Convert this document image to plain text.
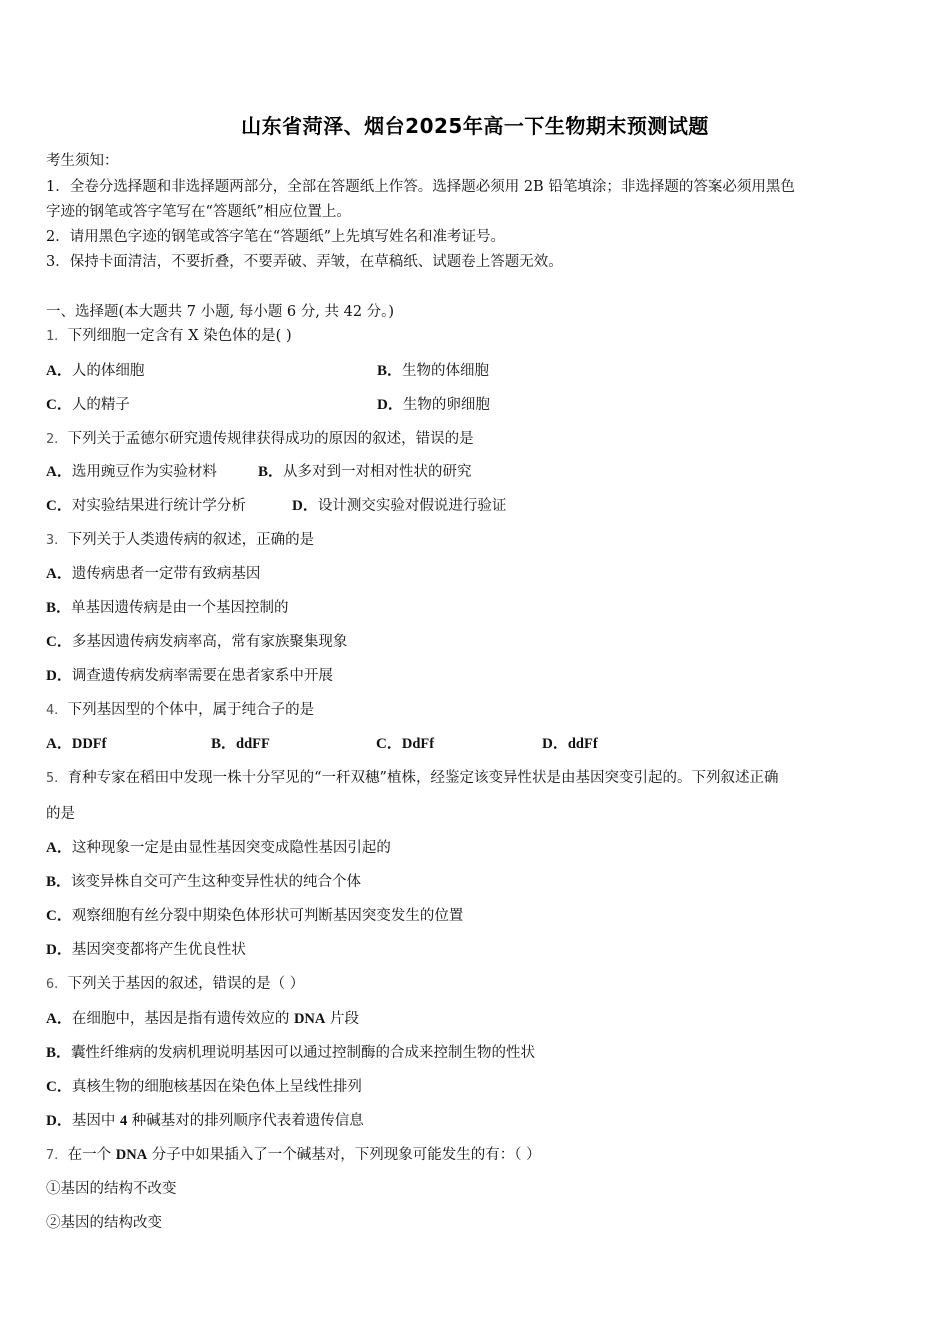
山东省菏泽、烟台2025年高一下生物期末预测试题
考生须知：
1．全卷分选择题和非选择题两部分，全部在答题纸上作答。选择题必须用 2B 铅笔填涂；非选择题的答案必须用黑色
字迹的钢笔或答字笔写在“答题纸”相应位置上。
2．请用黑色字迹的钢笔或答字笔在“答题纸”上先填写姓名和准考证号。
3．保持卡面清洁，不要折叠，不要弄破、弄皱，在草稿纸、试题卷上答题无效。
一、选择题(本大题共 7 小题, 每小题 6 分, 共 42 分。)
1．下列细胞一定含有 X 染色体的是( )
A．人的体细胞	B．生物的体细胞
C．人的精子	D．生物的卵细胞
2．下列关于孟德尔研究遗传规律获得成功的原因的叙述，错误的是
A．选用豌豆作为实验材料	B．从多对到一对相对性状的研究
C．对实验结果进行统计学分析	D．设计测交实验对假说进行验证
3．下列关于人类遗传病的叙述，正确的是
A．遗传病患者一定带有致病基因
B．单基因遗传病是由一个基因控制的
C．多基因遗传病发病率高，常有家族聚集现象
D．调查遗传病发病率需要在患者家系中开展
4．下列基因型的个体中，属于纯合子的是
A．DDFf	B．ddFF	C．DdFf	D．ddFf
5．育种专家在稻田中发现一株十分罕见的“一秆双穗”植株，经鉴定该变异性状是由基因突变引起的。下列叙述正确
的是
A．这种现象一定是由显性基因突变成隐性基因引起的
B．该变异株自交可产生这种变异性状的纯合个体
C．观察细胞有丝分裂中期染色体形状可判断基因突变发生的位置
D．基因突变都将产生优良性状
6．下列关于基因的叙述，错误的是（ ）
A．在细胞中，基因是指有遗传效应的 DNA 片段
B．囊性纤维病的发病机理说明基因可以通过控制酶的合成来控制生物的性状
C．真核生物的细胞核基因在染色体上呈线性排列
D．基因中 4 种碱基对的排列顺序代表着遗传信息
7．在一个 DNA 分子中如果插入了一个碱基对，下列现象可能发生的有：（ ）
①基因的结构不改变
②基因的结构改变
